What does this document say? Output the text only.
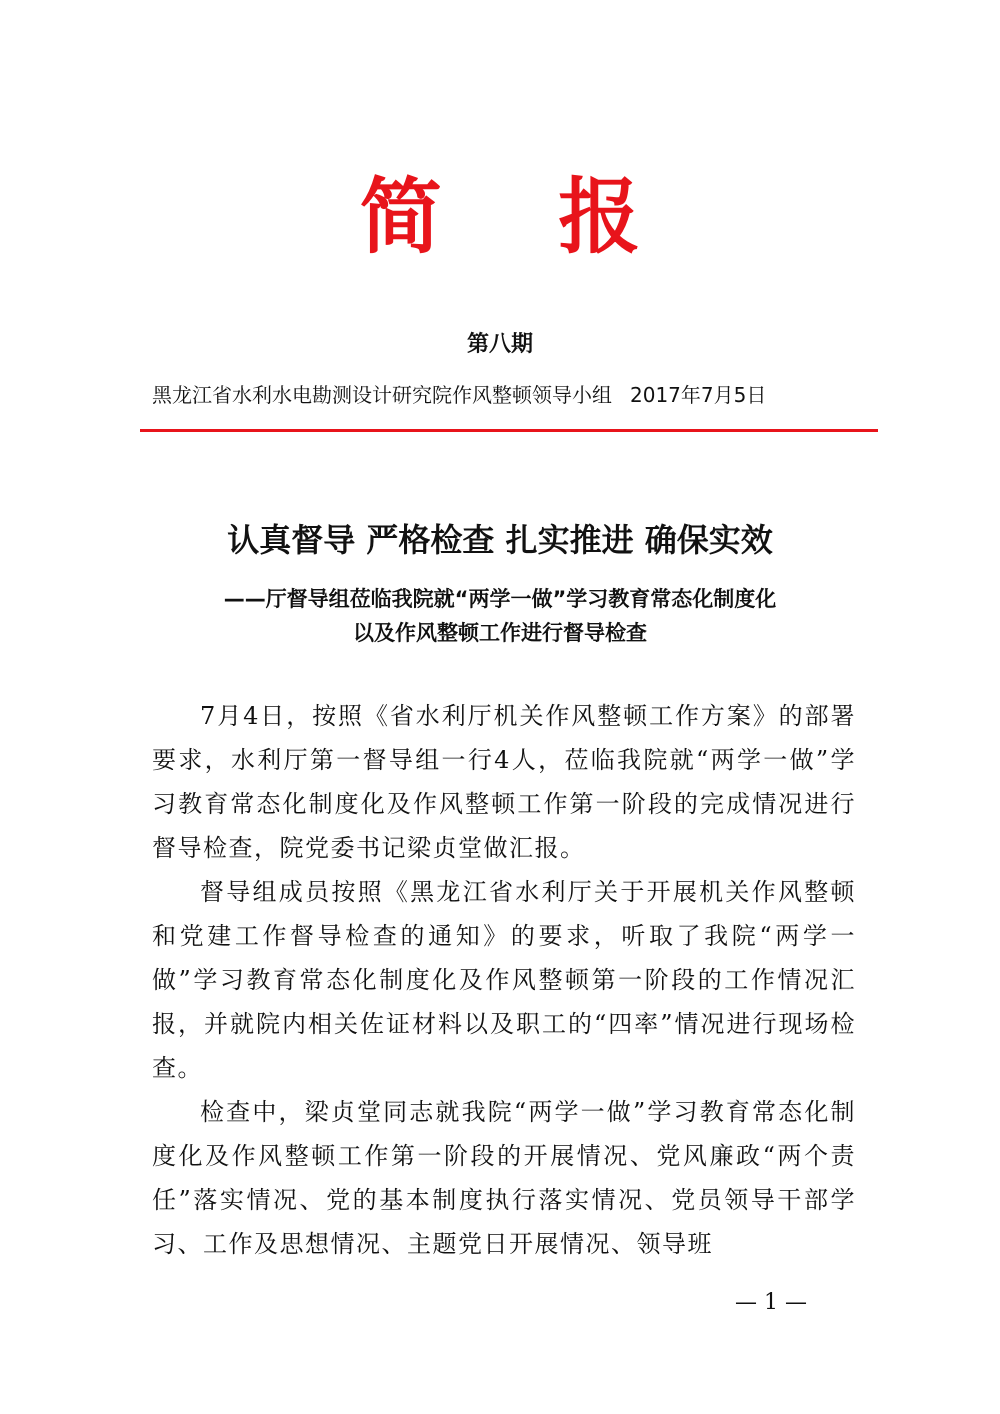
简 报
第八期
黑龙江省水利水电勘测设计研究院作风整顿领导小组 2017年7月5日
认真督导 严格检查 扎实推进 确保实效
——厅督导组莅临我院就“两学一做”学习教育常态化制度化
以及作风整顿工作进行督导检查

7月4日，按照《省水利厅机关作风整顿工作方案》的部署要求，水利厅第一督导组一行4人，莅临我院就“两学一做”学习教育常态化制度化及作风整顿工作第一阶段的完成情况进行督导检查，院党委书记梁贞堂做汇报。

督导组成员按照《黑龙江省水利厅关于开展机关作风整顿和党建工作督导检查的通知》的要求，听取了我院“两学一做”学习教育常态化制度化及作风整顿第一阶段的工作情况汇报，并就院内相关佐证材料以及职工的“四率”情况进行现场检查。

检查中，梁贞堂同志就我院“两学一做”学习教育常态化制度化及作风整顿工作第一阶段的开展情况、党风廉政“两个责任”落实情况、党的基本制度执行落实情况、党员领导干部学习、工作及思想情况、主题党日开展情况、领导班

— 1 —
